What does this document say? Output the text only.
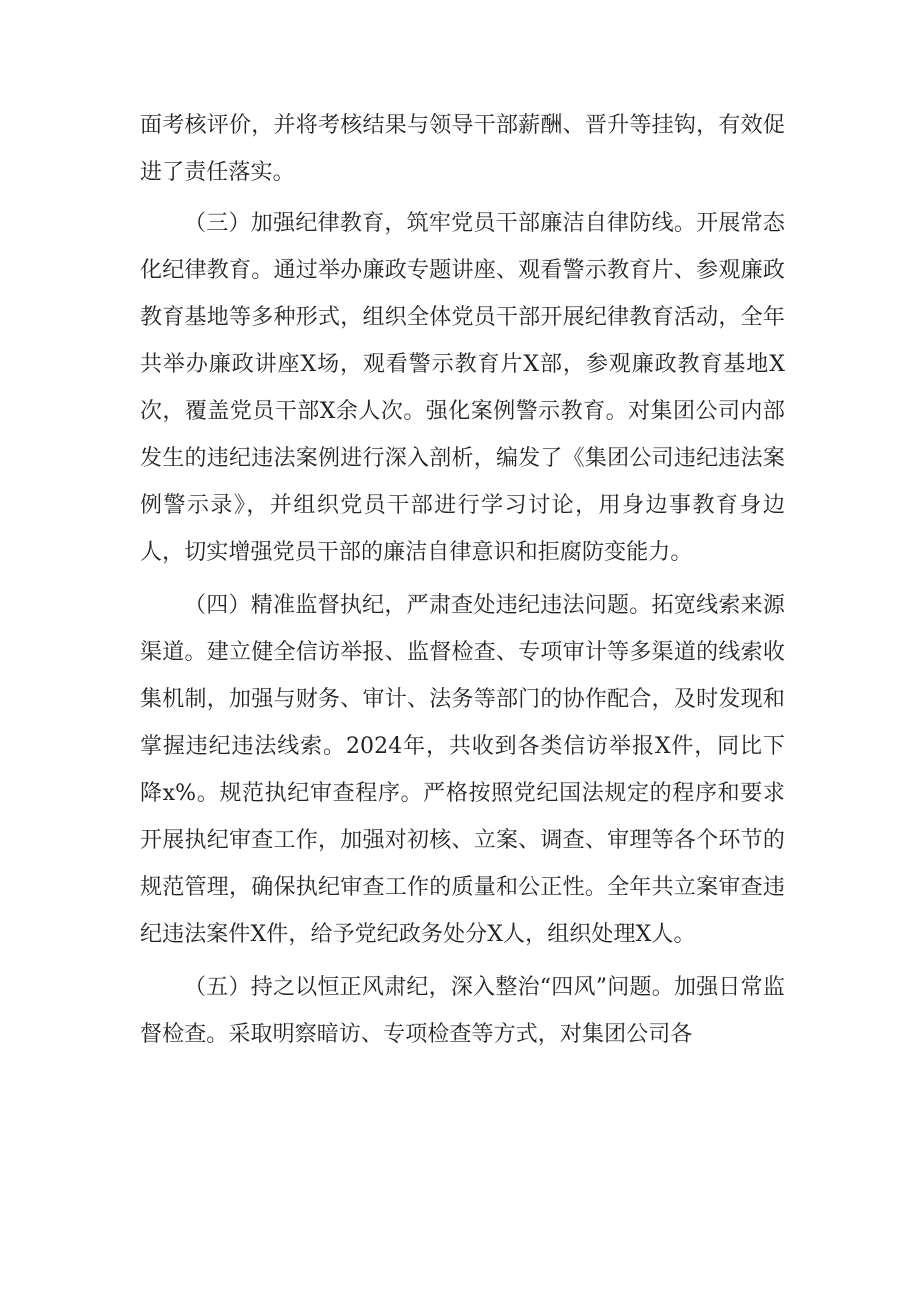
面考核评价，并将考核结果与领导干部薪酬、晋升等挂钩，有效促进了责任落实。

（三）加强纪律教育，筑牢党员干部廉洁自律防线。开展常态化纪律教育。通过举办廉政专题讲座、观看警示教育片、参观廉政教育基地等多种形式，组织全体党员干部开展纪律教育活动，全年共举办廉政讲座X场，观看警示教育片X部，参观廉政教育基地X次，覆盖党员干部X余人次。强化案例警示教育。对集团公司内部发生的违纪违法案例进行深入剖析，编发了《集团公司违纪违法案例警示录》，并组织党员干部进行学习讨论，用身边事教育身边人，切实增强党员干部的廉洁自律意识和拒腐防变能力。

（四）精准监督执纪，严肃查处违纪违法问题。拓宽线索来源渠道。建立健全信访举报、监督检查、专项审计等多渠道的线索收集机制，加强与财务、审计、法务等部门的协作配合，及时发现和掌握违纪违法线索。2024年，共收到各类信访举报X件，同比下降x%。规范执纪审查程序。严格按照党纪国法规定的程序和要求开展执纪审查工作，加强对初核、立案、调查、审理等各个环节的规范管理，确保执纪审查工作的质量和公正性。全年共立案审查违纪违法案件X件，给予党纪政务处分X人，组织处理X人。

（五）持之以恒正风肃纪，深入整治“四风”问题。加强日常监督检查。采取明察暗访、专项检查等方式，对集团公司各
